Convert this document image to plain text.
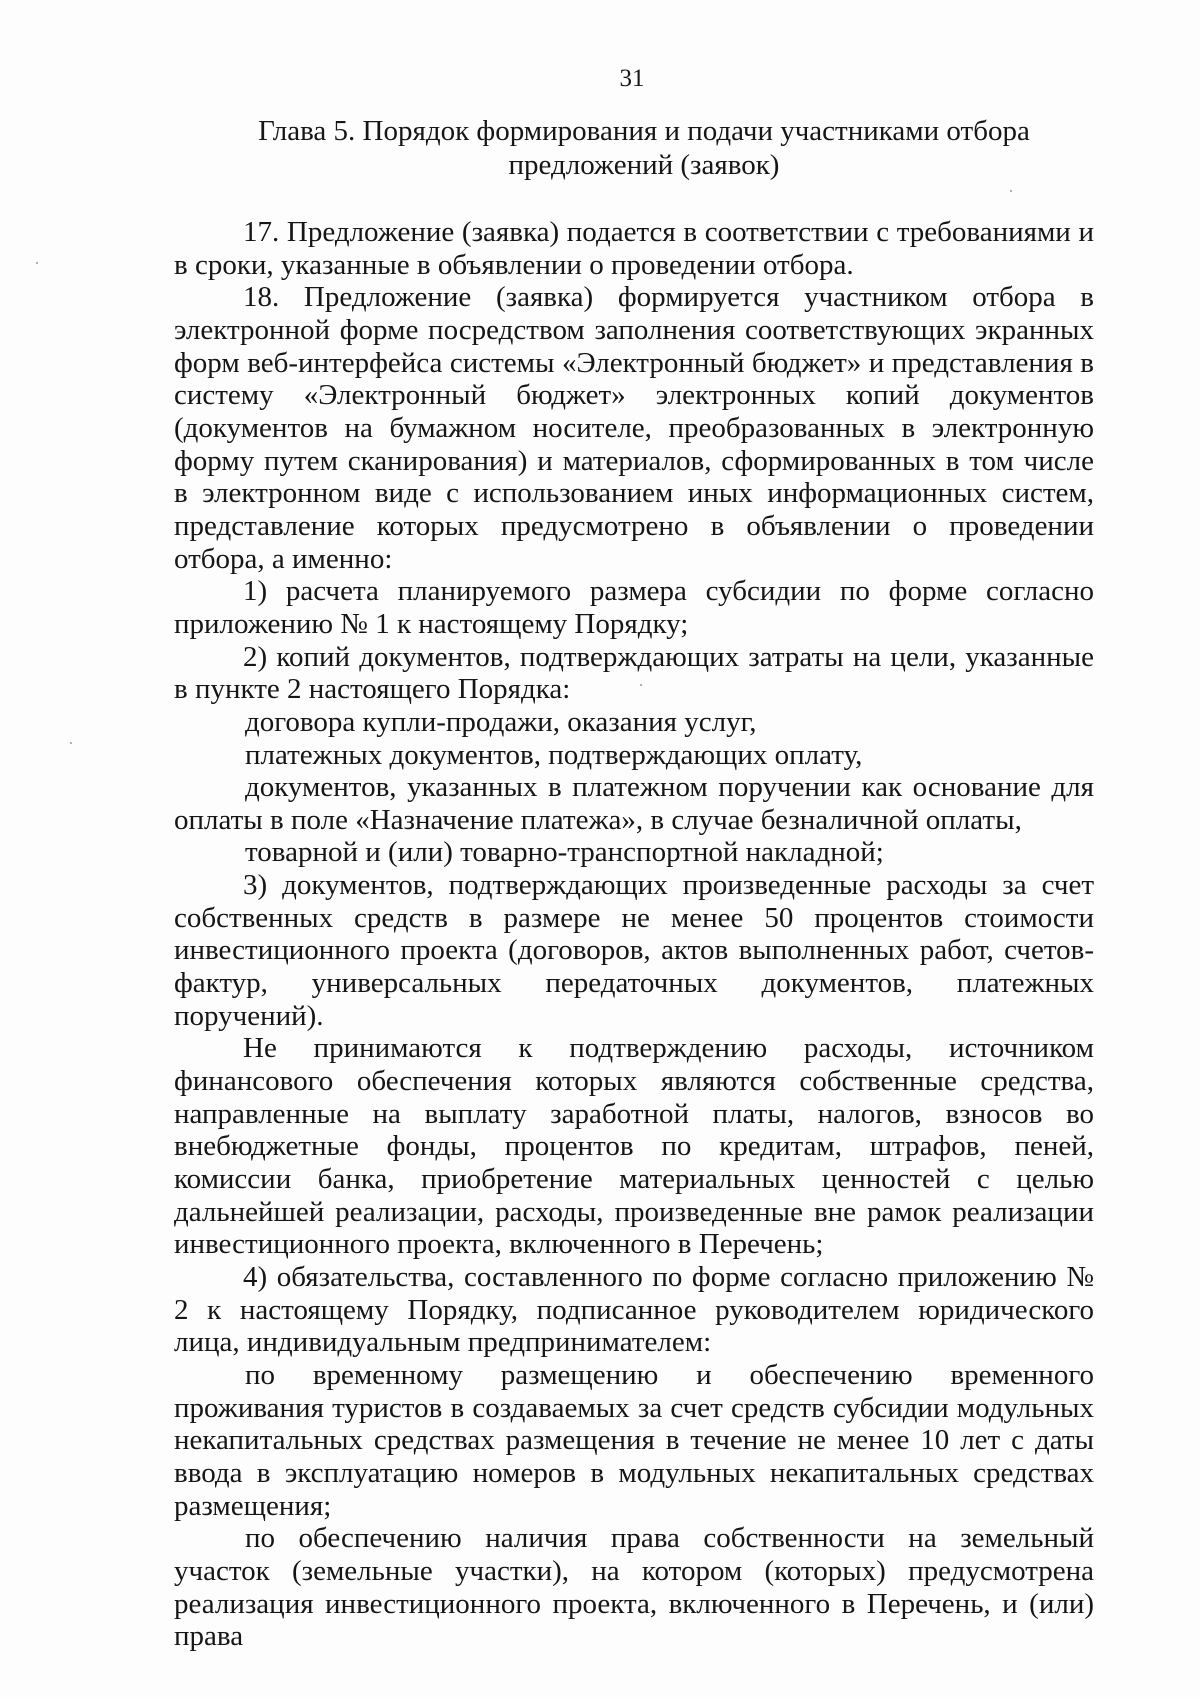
31
Глава 5. Порядок формирования и подачи участниками отбора
предложений (заявок)

17. Предложение (заявка) подается в соответствии с требованиями и в сроки, указанные в объявлении о проведении отбора.

18. Предложение (заявка) формируется участником отбора в электронной форме посредством заполнения соответствующих экранных форм веб-интерфейса системы «Электронный бюджет» и представления в систему «Электронный бюджет» электронных копий документов (документов на бумажном носителе, преобразованных в электронную форму путем сканирования) и материалов, сформированных в том числе в электронном виде с использованием иных информационных систем, представление которых предусмотрено в объявлении о проведении отбора, а именно:

1) расчета планируемого размера субсидии по форме согласно приложению № 1 к настоящему Порядку;

2) копий документов, подтверждающих затраты на цели, указанные в пункте 2 настоящего Порядка:

договора купли-продажи, оказания услуг,

платежных документов, подтверждающих оплату,

документов, указанных в платежном поручении как основание для оплаты в поле «Назначение платежа», в случае безналичной оплаты,

товарной и (или) товарно-транспортной накладной;

3) документов, подтверждающих произведенные расходы за счет собственных средств в размере не менее 50 процентов стоимости инвестиционного проекта (договоров, актов выполненных работ, счетов-фактур, универсальных передаточных документов, платежных поручений).

Не принимаются к подтверждению расходы, источником финансового обеспечения которых являются собственные средства, направленные на выплату заработной платы, налогов, взносов во внебюджетные фонды, процентов по кредитам, штрафов, пеней, комиссии банка, приобретение материальных ценностей с целью дальнейшей реализации, расходы, произведенные вне рамок реализации инвестиционного проекта, включенного в Перечень;

4) обязательства, составленного по форме согласно приложению № 2 к настоящему Порядку, подписанное руководителем юридического лица, индивидуальным предпринимателем:

по временному размещению и обеспечению временного проживания туристов в создаваемых за счет средств субсидии модульных некапитальных средствах размещения в течение не менее 10 лет с даты ввода в эксплуатацию номеров в модульных некапитальных средствах размещения;

по обеспечению наличия права собственности на земельный участок (земельные участки), на котором (которых) предусмотрена реализация инвестиционного проекта, включенного в Перечень, и (или) права
